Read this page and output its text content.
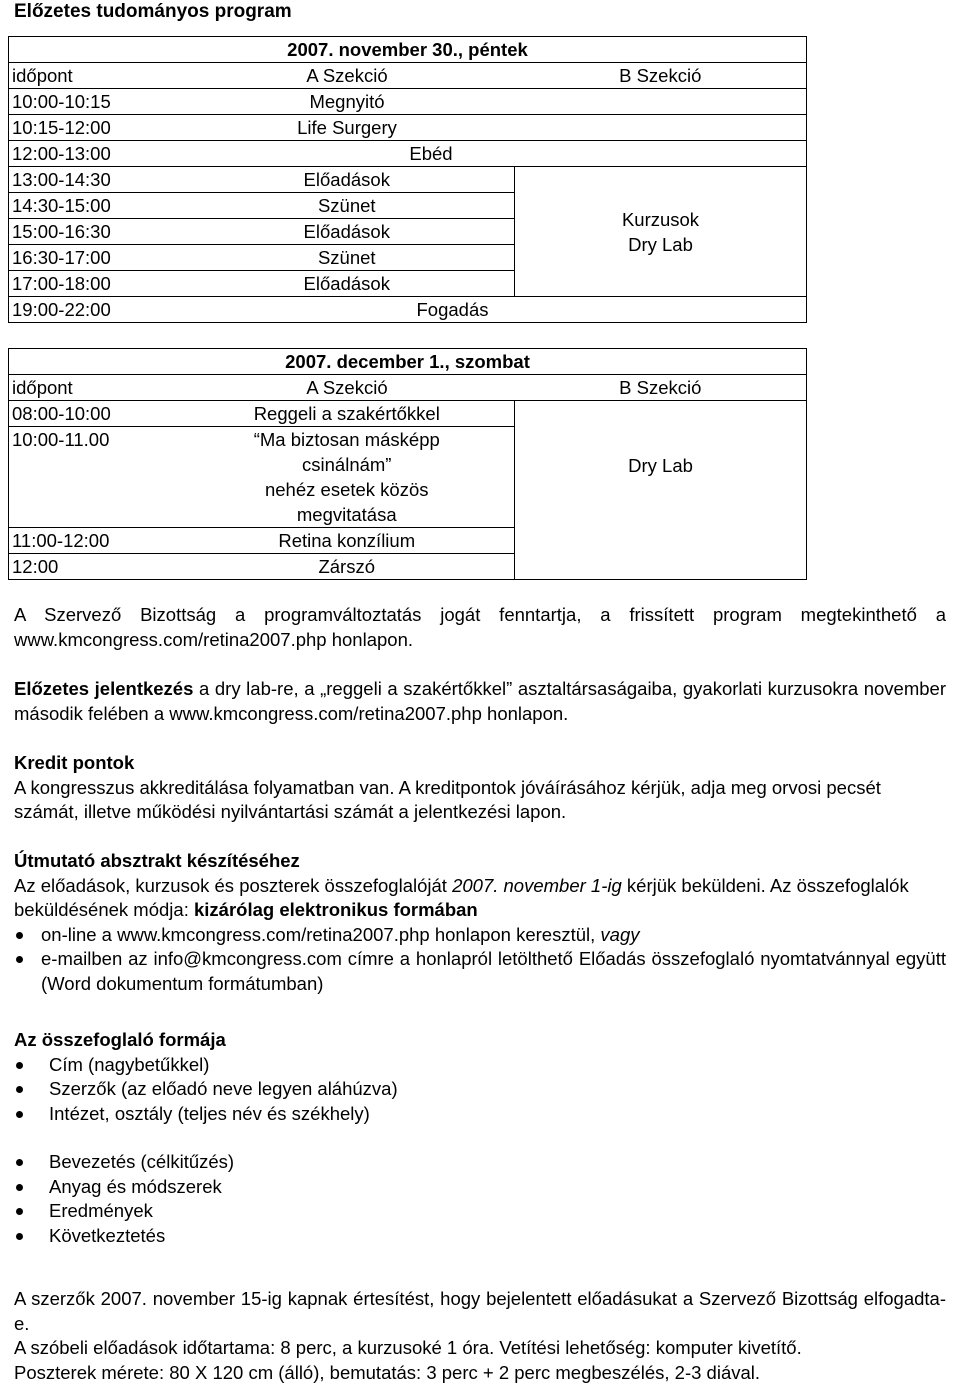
Előzetes tudományos program
2007. november 30., péntek		
időpont	A Szekció	B Szekció
10:00-10:15	Megnyitó	
10:15-12:00	Life Surgery	
12:00-13:00	Ebéd	

13:00-14:30	Előadások	Kurzusok
Dry Lab

14:30-15:00	Szünet	
15:00-16:30	Előadások	
16:30-17:00	Szünet	
17:00-18:00	Előadások	
19:00-22:00	Fogadás	
2007. december 1., szombat		
időpont	A Szekció	B Szekció
08:00-10:00	Reggeli a szakértőkkel	Dry Lab
10:00-11.00	“Ma biztosan másképp
csinálnám”
nehéz esetek közös
megvitatása	

11:00-12:00	Retina konzílium	
12:00	Zárszó	
A Szervező Bizottság a programváltoztatás jogát fenntartja, a frissített program megtekinthető a www.kmcongress.com/retina2007.php honlapon.
Előzetes jelentkezés a dry lab-re, a „reggeli a szakértőkkel” asztaltársaságaiba, gyakorlati kurzusokra november második felében a www.kmcongress.com/retina2007.php honlapon.
Kredit pontok
A kongresszus akkreditálása folyamatban van. A kreditpontok jóváírásához kérjük, adja meg orvosi pecsét számát, illetve működési nyilvántartási számát a jelentkezési lapon.
Útmutató absztrakt készítéséhez
Az előadások, kurzusok és poszterek összefoglalóját 2007. november 1-ig kérjük beküldeni. Az összefoglalók beküldésének módja: kizárólag elektronikus formában
on-line a www.kmcongress.com/retina2007.php honlapon keresztül, vagy
e-mailben az info@kmcongress.com címre a honlapról letölthető Előadás összefoglaló nyomtatvánnyal együtt (Word dokumentum formátumban)
Az összefoglaló formája
Cím (nagybetűkkel)
Szerzők (az előadó neve legyen aláhúzva)
Intézet, osztály (teljes név és székhely)
Bevezetés (célkitűzés)
Anyag és módszerek
Eredmények
Következtetés
A szerzők 2007. november 15-ig kapnak értesítést, hogy bejelentett előadásukat a Szervező Bizottság elfogadta-e.
A szóbeli előadások időtartama: 8 perc, a kurzusoké 1 óra. Vetítési lehetőség: komputer kivetítő.
Poszterek mérete: 80 X 120 cm (álló), bemutatás: 3 perc + 2 perc megbeszélés, 2-3 diával.
